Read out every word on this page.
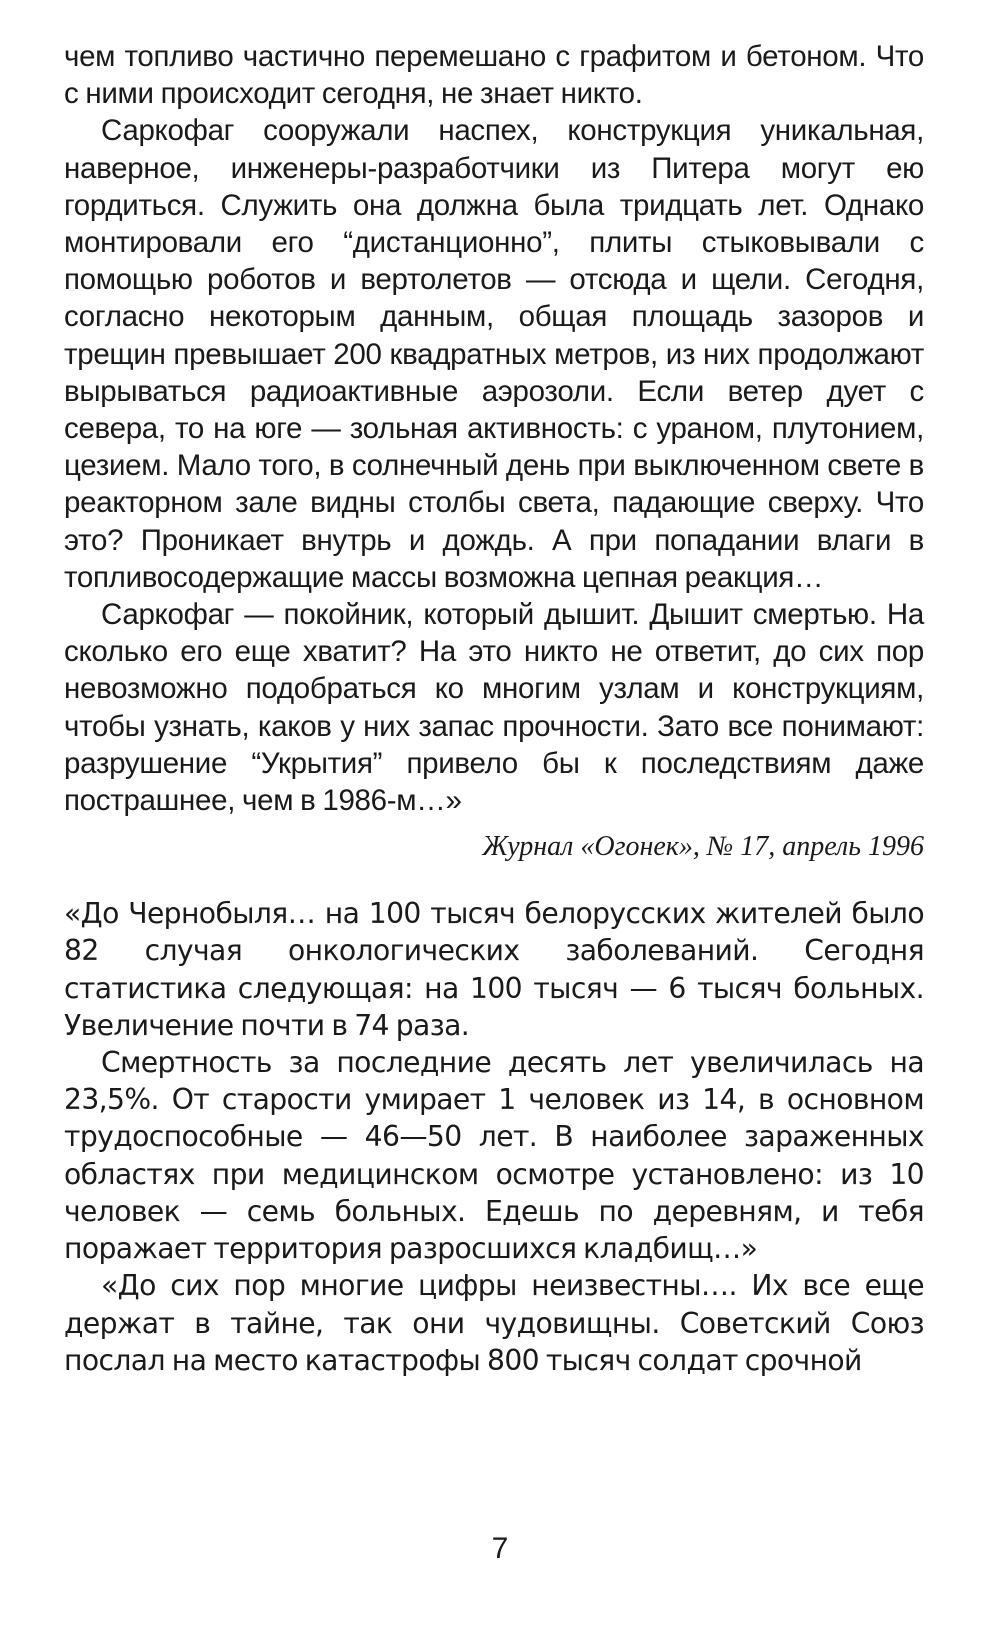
чем топливо частично перемешано с графитом и бетоном. Что с ними происходит сегодня, не знает никто.

Саркофаг сооружали наспех, конструкция уникальная, наверное, инженеры-разработчики из Питера могут ею гордиться. Служить она должна была тридцать лет. Однако монтировали его “дистанционно”, плиты стыковывали с помощью роботов и вертолетов — отсюда и щели. Сегодня, согласно некоторым данным, общая площадь зазоров и трещин превышает 200 квадратных метров, из них продолжают вырываться радиоактивные аэрозоли. Если ветер дует с севера, то на юге — зольная активность: с ураном, плутонием, цезием. Мало того, в солнечный день при выключенном свете в реакторном зале видны столбы света, падающие сверху. Что это? Проникает внутрь и дождь. А при попадании влаги в топливосодержащие массы возможна цепная реакция…

Саркофаг — покойник, который дышит. Дышит смертью. На сколько его еще хватит? На это никто не ответит, до сих пор невозможно подобраться ко многим узлам и конструкциям, чтобы узнать, каков у них запас прочности. Зато все понимают: разрушение “Укрытия” привело бы к последствиям даже пострашнее, чем в 1986-м…»

Журнал «Огонек», № 17, апрель 1996

«До Чернобыля… на 100 тысяч белорусских жителей было 82 случая онкологических заболеваний. Сегодня статистика следующая: на 100 тысяч — 6 тысяч больных. Увеличение почти в 74 раза.

Смертность за последние десять лет увеличилась на 23,5%. От старости умирает 1 человек из 14, в основном трудоспособные — 46—50 лет. В наиболее зараженных областях при медицинском осмотре установлено: из 10 человек — семь больных. Едешь по деревням, и тебя поражает территория разросшихся кладбищ…»

«До сих пор многие цифры неизвестны…. Их все еще держат в тайне, так они чудовищны. Советский Союз послал на место катастрофы 800 тысяч солдат срочной

7
